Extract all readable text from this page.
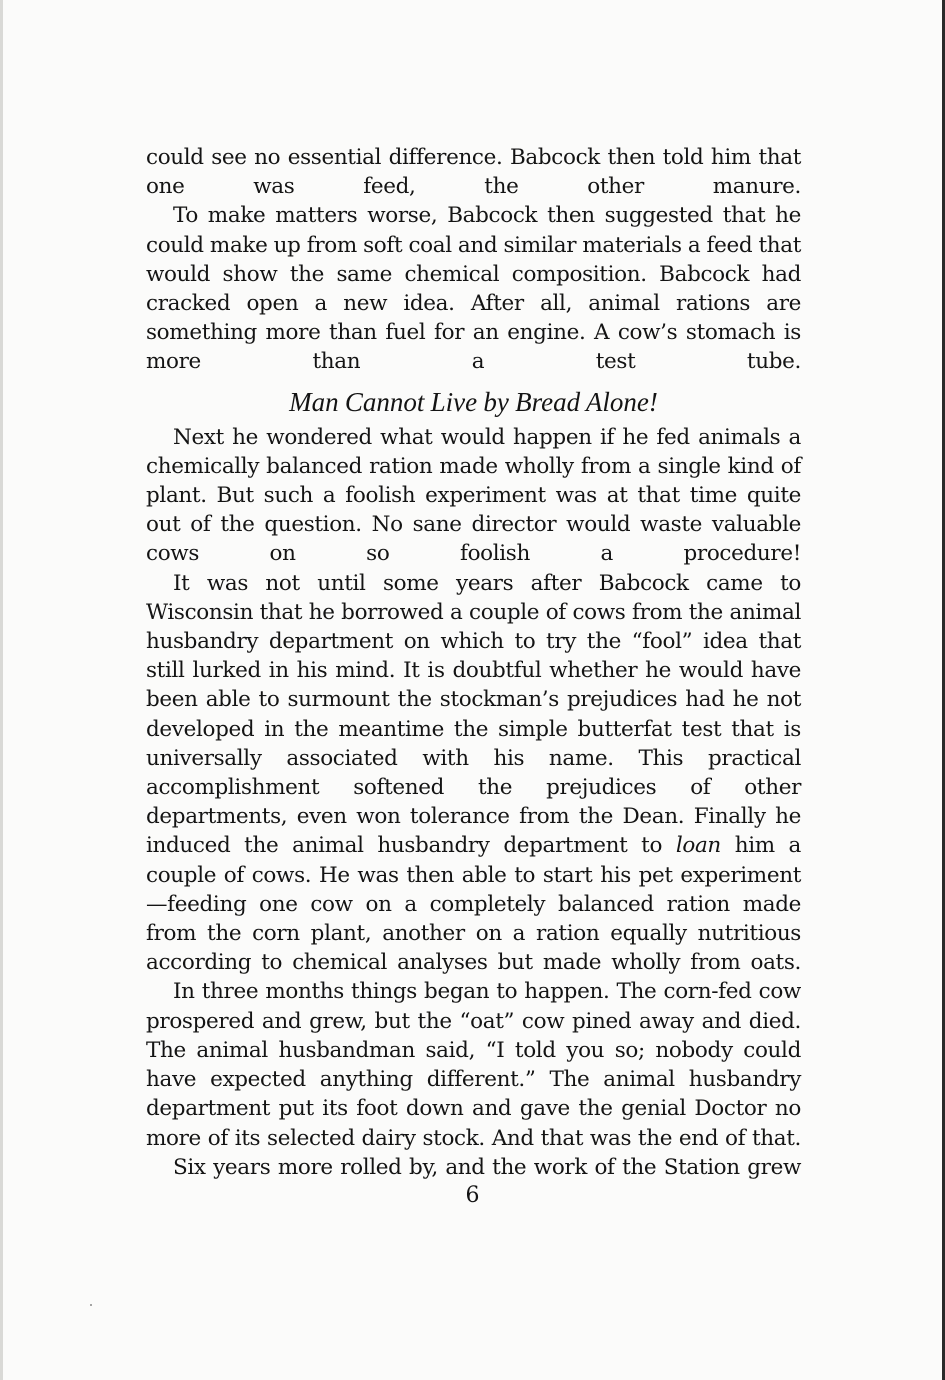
could see no essential difference. Babcock then told him that one was feed, the other manure.

To make matters worse, Babcock then suggested that he could make up from soft coal and similar materials a feed that would show the same chemical composition. Babcock had cracked open a new idea. After all, animal rations are something more than fuel for an engine. A cow’s stomach is more than a test tube.

Man Cannot Live by Bread Alone!

Next he wondered what would happen if he fed animals a chemically balanced ration made wholly from a single kind of plant. But such a foolish experiment was at that time quite out of the question. No sane director would waste valuable cows on so foolish a procedure!

It was not until some years after Babcock came to Wisconsin that he borrowed a couple of cows from the animal husbandry department on which to try the “fool” idea that still lurked in his mind. It is doubtful whether he would have been able to surmount the stockman’s prejudices had he not developed in the meantime the simple butterfat test that is universally associated with his name. This practical accomplishment softened the prejudices of other departments, even won tolerance from the Dean. Finally he induced the animal husbandry department to loan him a couple of cows. He was then able to start his pet experiment—feeding one cow on a completely balanced ration made from the corn plant, another on a ration equally nutritious according to chemical analyses but made wholly from oats.

In three months things began to happen. The corn-fed cow prospered and grew, but the “oat” cow pined away and died. The animal husbandman said, “I told you so; nobody could have expected anything different.” The animal husbandry department put its foot down and gave the genial Doctor no more of its selected dairy stock. And that was the end of that.

Six years more rolled by, and the work of the Station grew

6
